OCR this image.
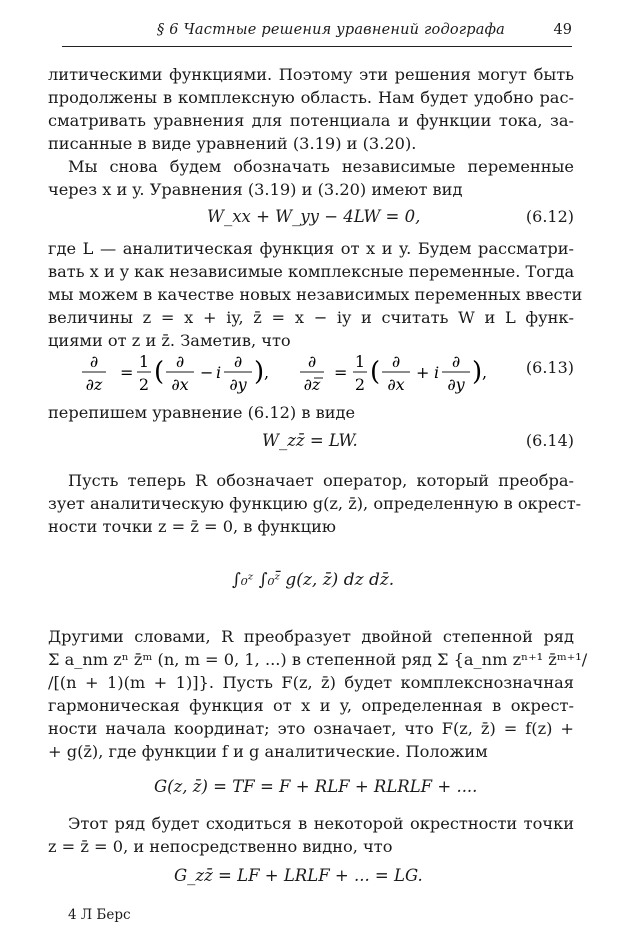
§ 6 Частные решения уравнений годографа	49
литическими функциями. Поэтому эти решения могут быть
продолжены в комплексную область. Нам будет удобно рас-
сматривать уравнения для потенциала и функции тока, за-
писанные в виде уравнений (3.19) и (3.20).
Мы снова будем обозначать независимые переменные
через x и y. Уравнения (3.19) и (3.20) имеют вид
W_xx + W_yy − 4LW = 0,	(6.12)
где L — аналитическая функция от x и y. Будем рассматри-
вать x и y как независимые комплексные переменные. Тогда
мы можем в качестве новых независимых переменных ввести
величины z = x + iy, z̄ = x − iy и считать W и L функ-
циями от z и z̄. Заметив, что
∂
∂z
=
1
2 ( ∂
∂x
− i
∂
∂y ) ,
∂
∂z
=
1
2 ( ∂
∂x
+ i
∂
∂y ) , (6.13)
перепишем уравнение (6.12) в виде
W_zz̄ = LW.	(6.14)
Пусть теперь R обозначает оператор, который преобра-
зует аналитическую функцию g(z, z̄), определенную в окрест-
ности точки z = z̄ = 0, в функцию
∫₀ᶻ ∫₀ᶻ̄ g(z, z̄) dz dz̄.
Другими словами, R преобразует двойной степенной ряд
Σ a_nm zⁿ z̄ᵐ (n, m = 0, 1, ...) в степенной ряд Σ {a_nm zⁿ⁺¹ z̄ᵐ⁺¹/
/[(n + 1)(m + 1)]}. Пусть F(z, z̄) будет комплекснозначная
гармоническая функция от x и y, определенная в окрест-
ности начала координат; это означает, что F(z, z̄) = f(z) +
+ g(z̄), где функции f и g аналитические. Положим
G(z, z̄) = TF = F + RLF + RLRLF + ....
Этот ряд будет сходиться в некоторой окрестности точки
z = z̄ = 0, и непосредственно видно, что
G_zz̄ = LF + LRLF + ... = LG.
4 Л Берс
